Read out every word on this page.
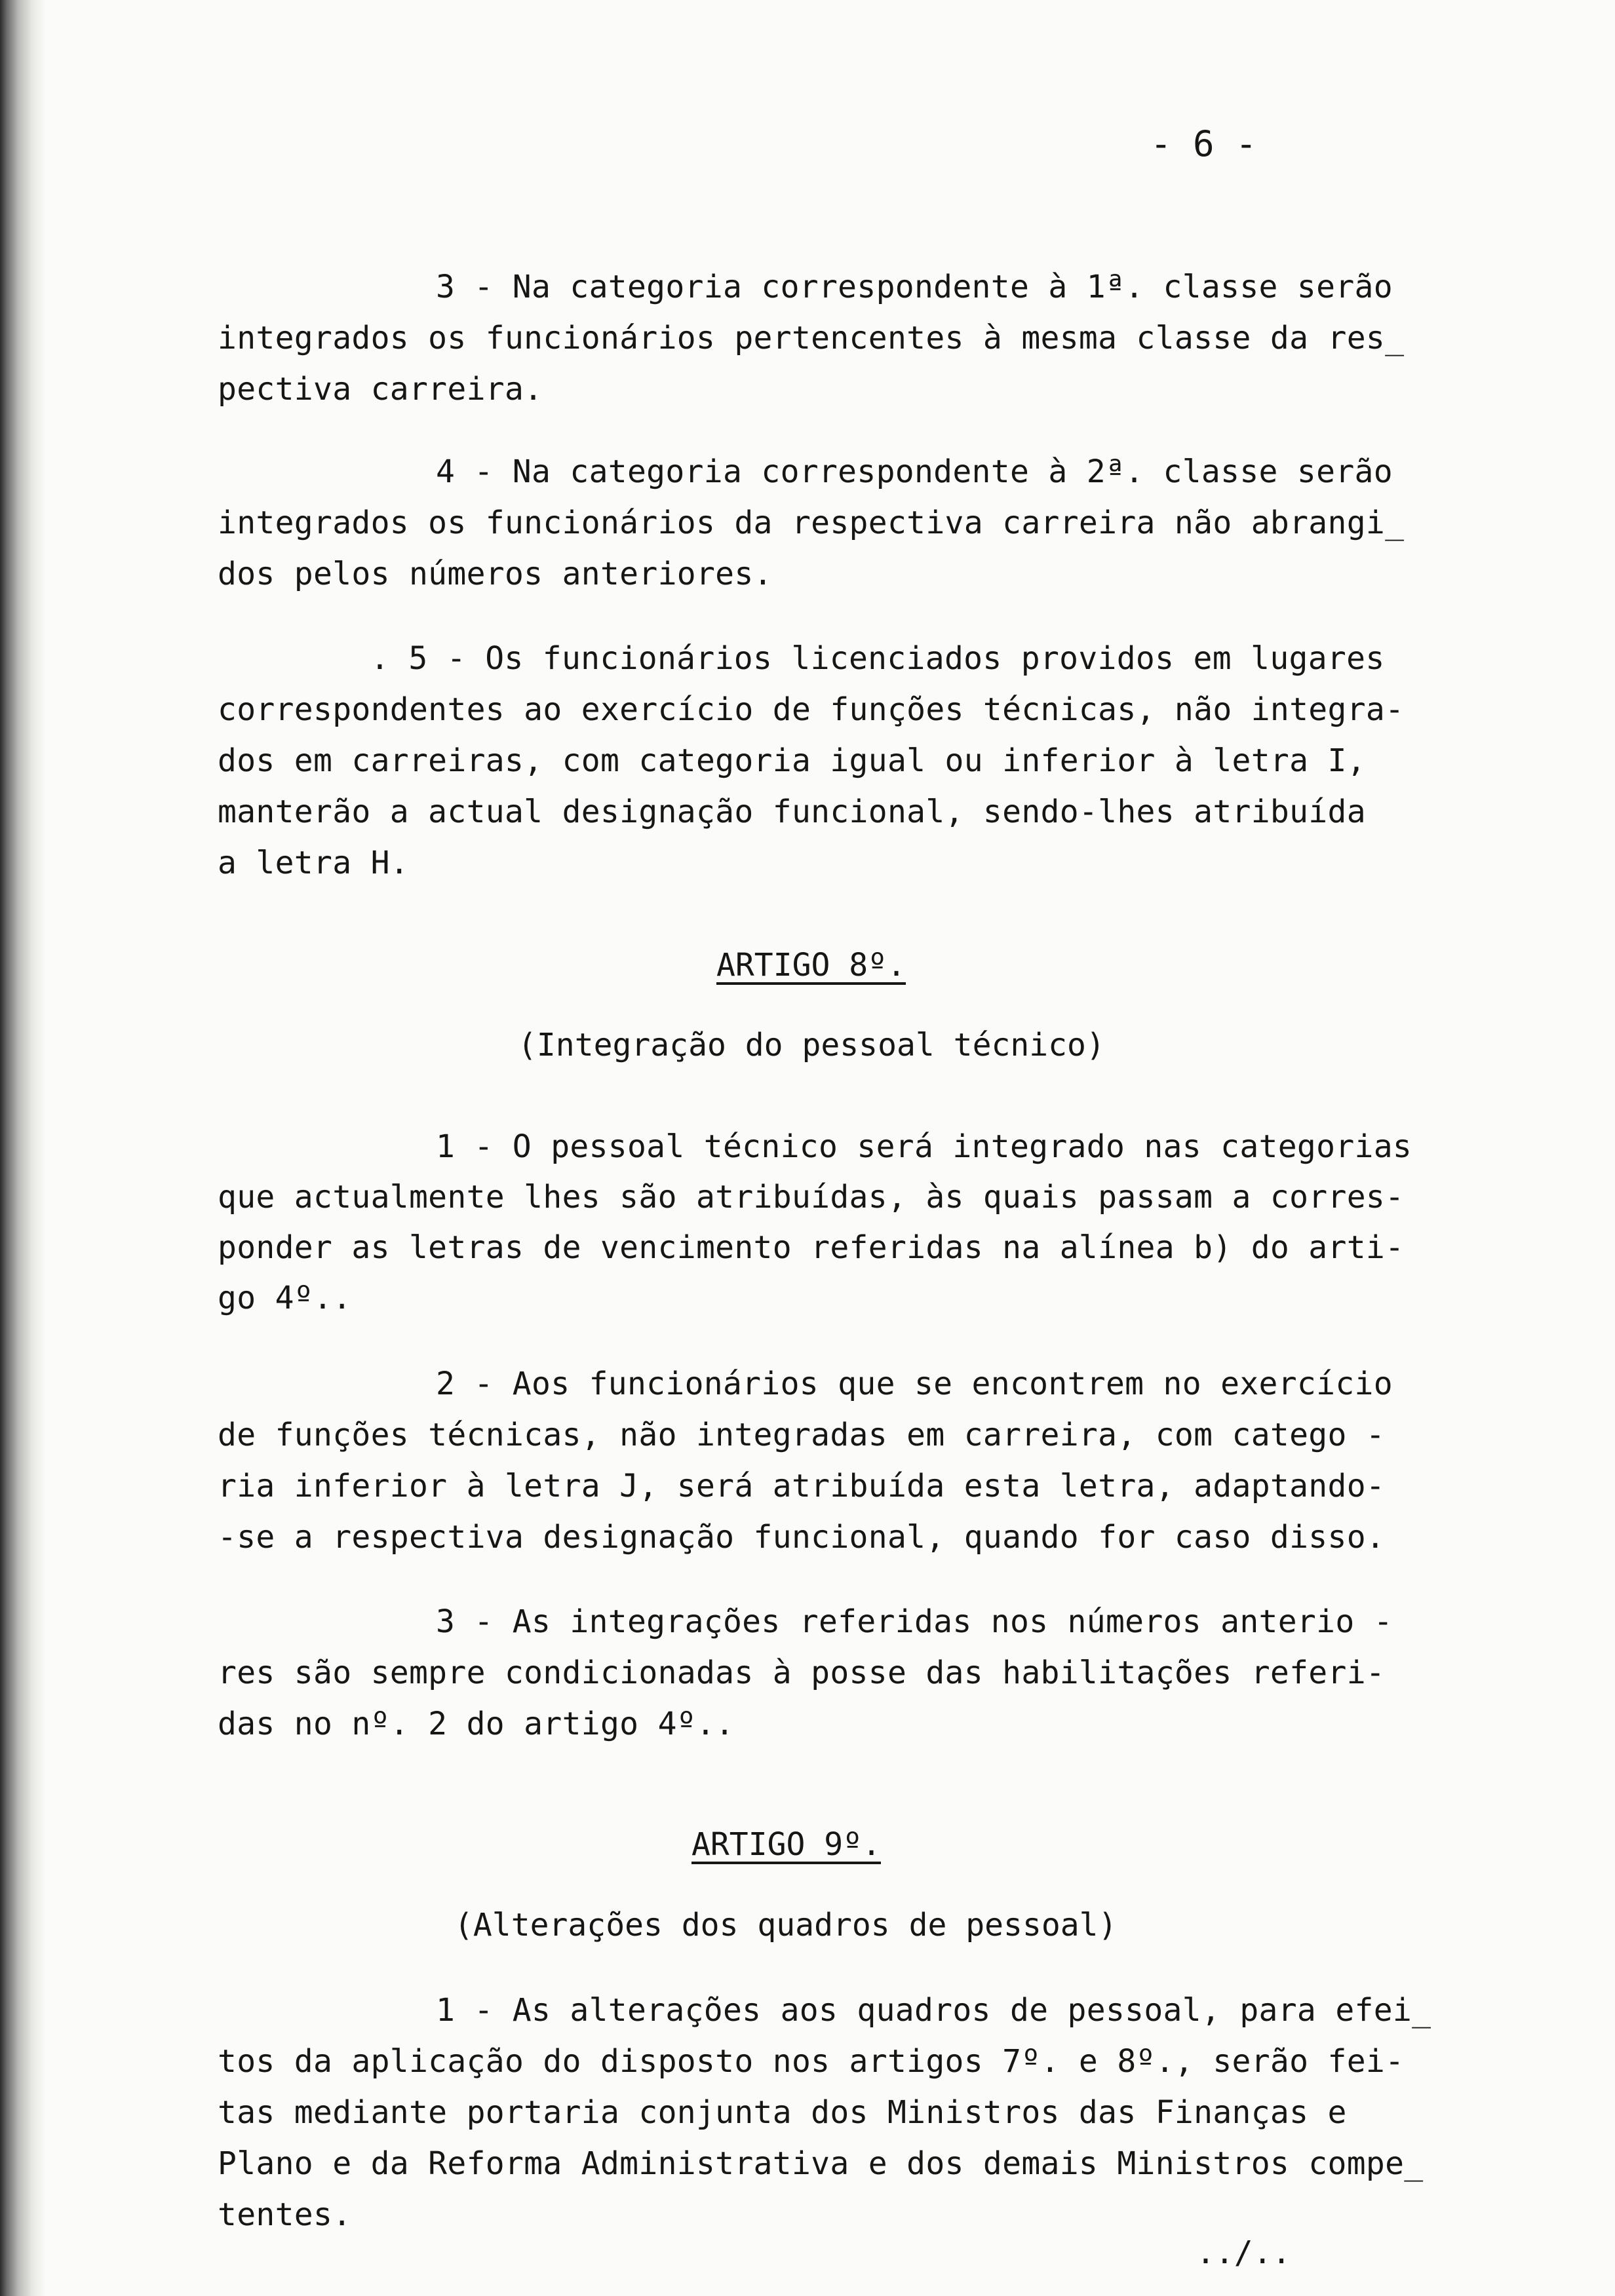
- 6 -
3 - Na categoria correspondente à 1ª. classe serão
integrados os funcionários pertencentes à mesma classe da res_
pectiva carreira.
4 - Na categoria correspondente à 2ª. classe serão
integrados os funcionários da respectiva carreira não abrangi_
dos pelos números anteriores.
. 5 - Os funcionários licenciados providos em lugares
correspondentes ao exercício de funções técnicas, não integra-
dos em carreiras, com categoria igual ou inferior à letra I,
manterão a actual designação funcional, sendo-lhes atribuída
a letra H.
ARTIGO 8º.
(Integração do pessoal técnico)
1 - O pessoal técnico será integrado nas categorias
que actualmente lhes são atribuídas, às quais passam a corres-
ponder as letras de vencimento referidas na alínea b) do arti-
go 4º..
2 - Aos funcionários que se encontrem no exercício
de funções técnicas, não integradas em carreira, com catego -
ria inferior à letra J, será atribuída esta letra, adaptando-
-se a respectiva designação funcional, quando for caso disso.
3 - As integrações referidas nos números anterio -
res são sempre condicionadas à posse das habilitações referi-
das no nº. 2 do artigo 4º..
ARTIGO 9º.
(Alterações dos quadros de pessoal)
1 - As alterações aos quadros de pessoal, para efei_
tos da aplicação do disposto nos artigos 7º. e 8º., serão fei-
tas mediante portaria conjunta dos Ministros das Finanças e
Plano e da Reforma Administrativa e dos demais Ministros compe_
tentes.
../..
